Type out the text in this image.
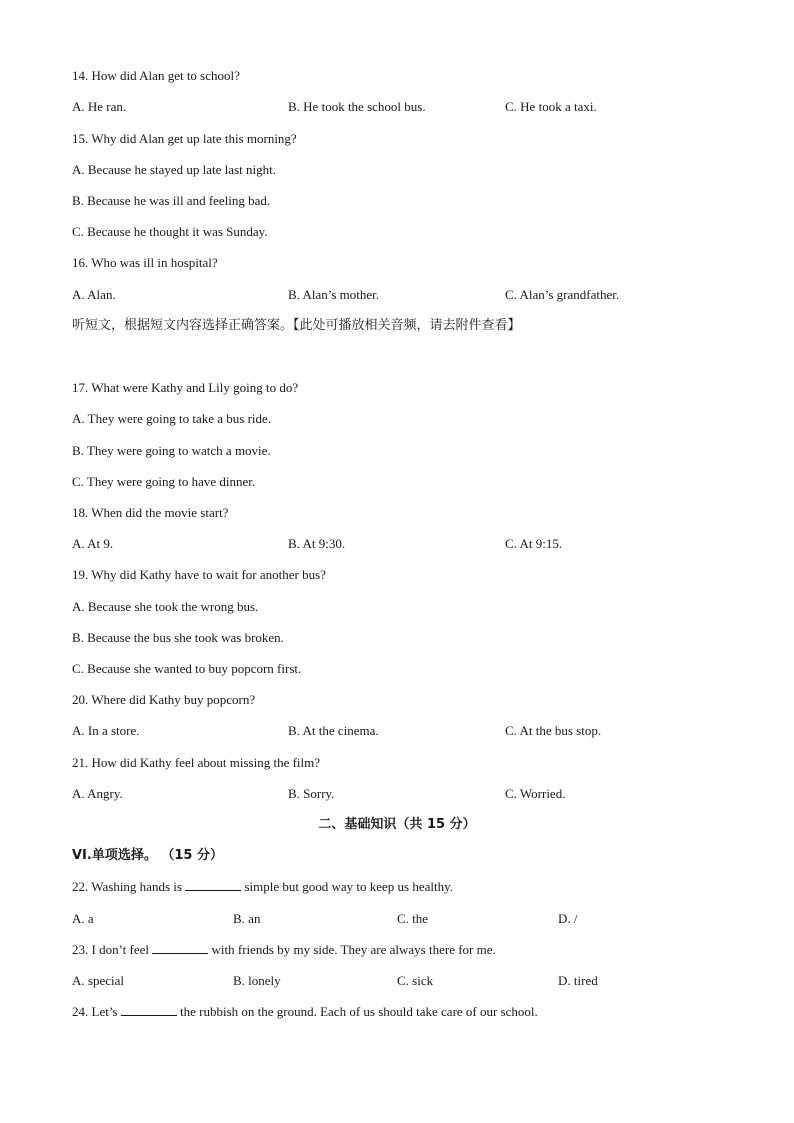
14. How did Alan get to school?
A. He ran.	B. He took the school bus.	C. He took a taxi.
15. Why did Alan get up late this morning?
A. Because he stayed up late last night.
B. Because he was ill and feeling bad.
C. Because he thought it was Sunday.
16. Who was ill in hospital?
A. Alan.	B. Alan’s mother.	C. Alan’s grandfather.
听短文，根据短文内容选择正确答案。【此处可播放相关音频，请去附件查看】
17. What were Kathy and Lily going to do?
A. They were going to take a bus ride.
B. They were going to watch a movie.
C. They were going to have dinner.
18. When did the movie start?
A. At 9.	B. At 9:30.	C. At 9:15.
19. Why did Kathy have to wait for another bus?
A. Because she took the wrong bus.
B. Because the bus she took was broken.
C. Because she wanted to buy popcorn first.
20. Where did Kathy buy popcorn?
A. In a store.	B. At the cinema.	C. At the bus stop.
21. How did Kathy feel about missing the film?
A. Angry.	B. Sorry.	C. Worried.
二、基础知识（共 15 分）
VI.单项选择。 （15 分）
22. Washing hands is	simple but good way to keep us healthy.
A. a	B. an	C. the	D. /
23. I don’t feel	with friends by my side. They are always there for me.
A. special	B. lonely	C. sick	D. tired
24. Let’s	the rubbish on the ground. Each of us should take care of our school.
